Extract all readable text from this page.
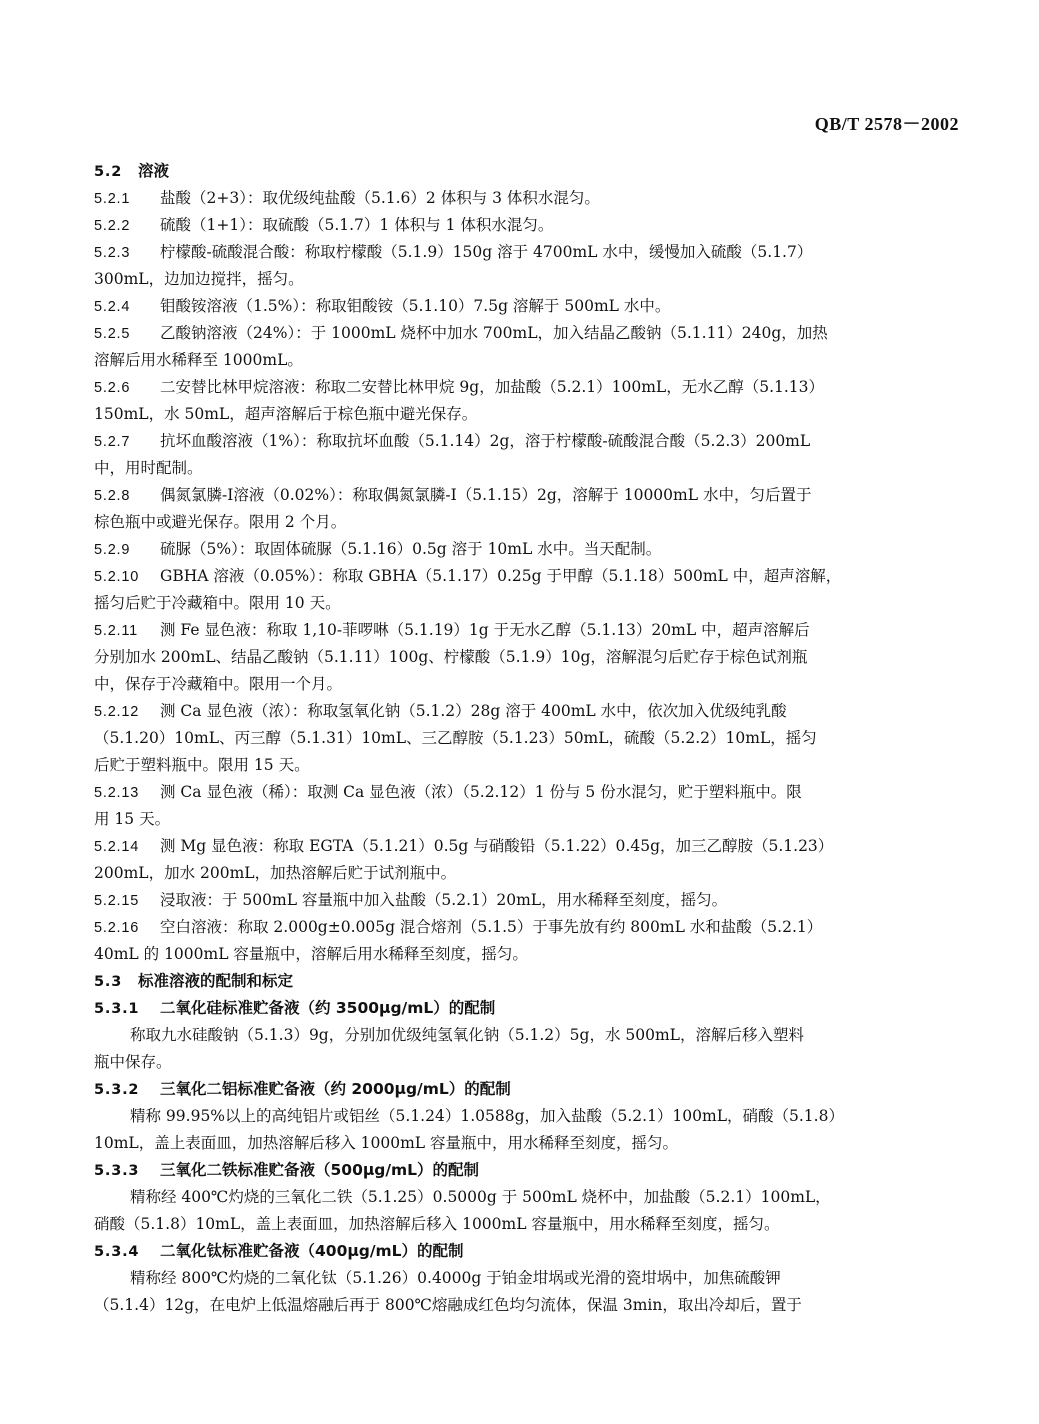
QB/T 2578－2002
5.2 溶液
5.2.1 盐酸（2+3）：取优级纯盐酸（5.1.6）2 体积与 3 体积水混匀。
5.2.2 硫酸（1+1）：取硫酸（5.1.7）1 体积与 1 体积水混匀。
5.2.3 柠檬酸-硫酸混合酸：称取柠檬酸（5.1.9）150g 溶于 4700mL 水中，缓慢加入硫酸（5.1.7）
300mL，边加边搅拌，摇匀。
5.2.4 钼酸铵溶液（1.5%）：称取钼酸铵（5.1.10）7.5g 溶解于 500mL 水中。
5.2.5 乙酸钠溶液（24%）：于 1000mL 烧杯中加水 700mL，加入结晶乙酸钠（5.1.11）240g，加热
溶解后用水稀释至 1000mL。
5.2.6 二安替比林甲烷溶液：称取二安替比林甲烷 9g，加盐酸（5.2.1）100mL，无水乙醇（5.1.13）
150mL，水 50mL，超声溶解后于棕色瓶中避光保存。
5.2.7 抗坏血酸溶液（1%）：称取抗坏血酸（5.1.14）2g，溶于柠檬酸-硫酸混合酸（5.2.3）200mL
中，用时配制。
5.2.8 偶氮氯膦-Ⅰ溶液（0.02%）：称取偶氮氯膦-Ⅰ（5.1.15）2g，溶解于 10000mL 水中，匀后置于
棕色瓶中或避光保存。限用 2 个月。
5.2.9 硫脲（5%）：取固体硫脲（5.1.16）0.5g 溶于 10mL 水中。当天配制。
5.2.10 GBHA 溶液（0.05%）：称取 GBHA（5.1.17）0.25g 于甲醇（5.1.18）500mL 中，超声溶解，
摇匀后贮于冷藏箱中。限用 10 天。
5.2.11 测 Fe 显色液：称取 1,10-菲啰啉（5.1.19）1g 于无水乙醇（5.1.13）20mL 中，超声溶解后
分别加水 200mL、结晶乙酸钠（5.1.11）100g、柠檬酸（5.1.9）10g，溶解混匀后贮存于棕色试剂瓶
中，保存于冷藏箱中。限用一个月。
5.2.12 测 Ca 显色液（浓）：称取氢氧化钠（5.1.2）28g 溶于 400mL 水中，依次加入优级纯乳酸
（5.1.20）10mL、丙三醇（5.1.31）10mL、三乙醇胺（5.1.23）50mL，硫酸（5.2.2）10mL，摇匀
后贮于塑料瓶中。限用 15 天。
5.2.13 测 Ca 显色液（稀）：取测 Ca 显色液（浓）（5.2.12）1 份与 5 份水混匀，贮于塑料瓶中。限
用 15 天。
5.2.14 测 Mg 显色液：称取 EGTA（5.1.21）0.5g 与硝酸铅（5.1.22）0.45g，加三乙醇胺（5.1.23）
200mL，加水 200mL，加热溶解后贮于试剂瓶中。
5.2.15 浸取液：于 500mL 容量瓶中加入盐酸（5.2.1）20mL，用水稀释至刻度，摇匀。
5.2.16 空白溶液：称取 2.000g±0.005g 混合熔剂（5.1.5）于事先放有约 800mL 水和盐酸（5.2.1）
40mL 的 1000mL 容量瓶中，溶解后用水稀释至刻度，摇匀。
5.3 标准溶液的配制和标定
5.3.1 二氧化硅标准贮备液（约 3500μg/mL）的配制
称取九水硅酸钠（5.1.3）9g，分别加优级纯氢氧化钠（5.1.2）5g，水 500mL，溶解后移入塑料
瓶中保存。
5.3.2 三氧化二铝标准贮备液（约 2000μg/mL）的配制
精称 99.95%以上的高纯铝片或铝丝（5.1.24）1.0588g，加入盐酸（5.2.1）100mL，硝酸（5.1.8）
10mL，盖上表面皿，加热溶解后移入 1000mL 容量瓶中，用水稀释至刻度，摇匀。
5.3.3 三氧化二铁标准贮备液（500μg/mL）的配制
精称经 400℃灼烧的三氧化二铁（5.1.25）0.5000g 于 500mL 烧杯中，加盐酸（5.2.1）100mL，
硝酸（5.1.8）10mL，盖上表面皿，加热溶解后移入 1000mL 容量瓶中，用水稀释至刻度，摇匀。
5.3.4 二氧化钛标准贮备液（400μg/mL）的配制
精称经 800℃灼烧的二氧化钛（5.1.26）0.4000g 于铂金坩埚或光滑的瓷坩埚中，加焦硫酸钾
（5.1.4）12g，在电炉上低温熔融后再于 800℃熔融成红色均匀流体，保温 3min，取出冷却后，置于
